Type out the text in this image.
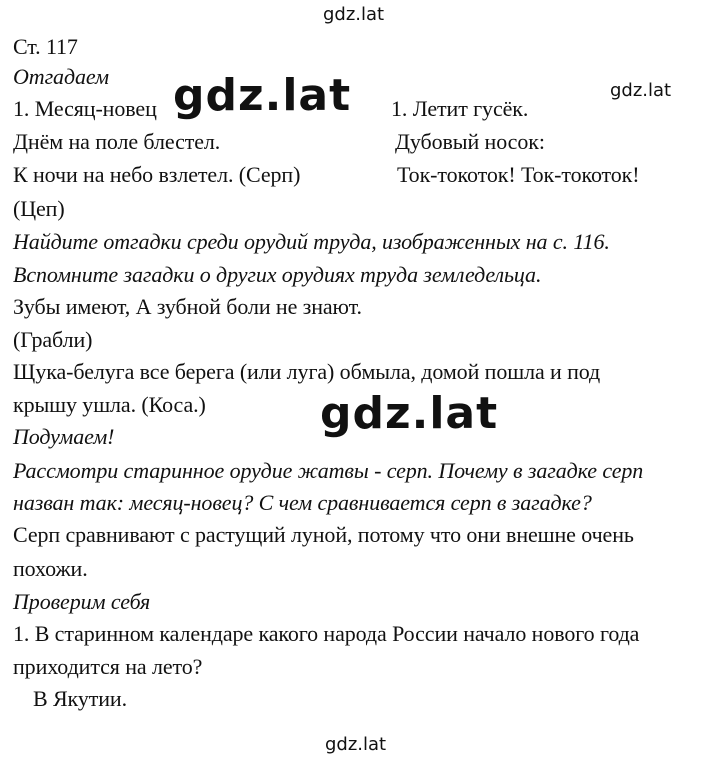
gdz.lat
gdz.lat	gdz.lat
gdz.lat
gdz.lat
Ст. 117
Отгадаем
1. Месяц-новец	1. Летит гусёк.
Днём на поле блестел.	Дубовый носок:
К ночи на небо взлетел. (Серп)	Ток-токоток! Ток-токоток!
(Цеп)
Найдите отгадки среди орудий труда, изображенных на с. 116.
Вспомните загадки о других орудиях труда земледельца.
Зубы имеют, А зубной боли не знают.
(Грабли)
Щука-белуга все берега (или луга) обмыла, домой пошла и под
крышу ушла. (Коса.)
Подумаем!
Рассмотри старинное орудие жатвы - серп. Почему в загадке серп
назван так: месяц-новец? С чем сравнивается серп в загадке?
Серп сравнивают с растущий луной, потому что они внешне очень
похожи.
Проверим себя
1. В старинном календаре какого народа России начало нового года
приходится на лето?
В Якутии.
